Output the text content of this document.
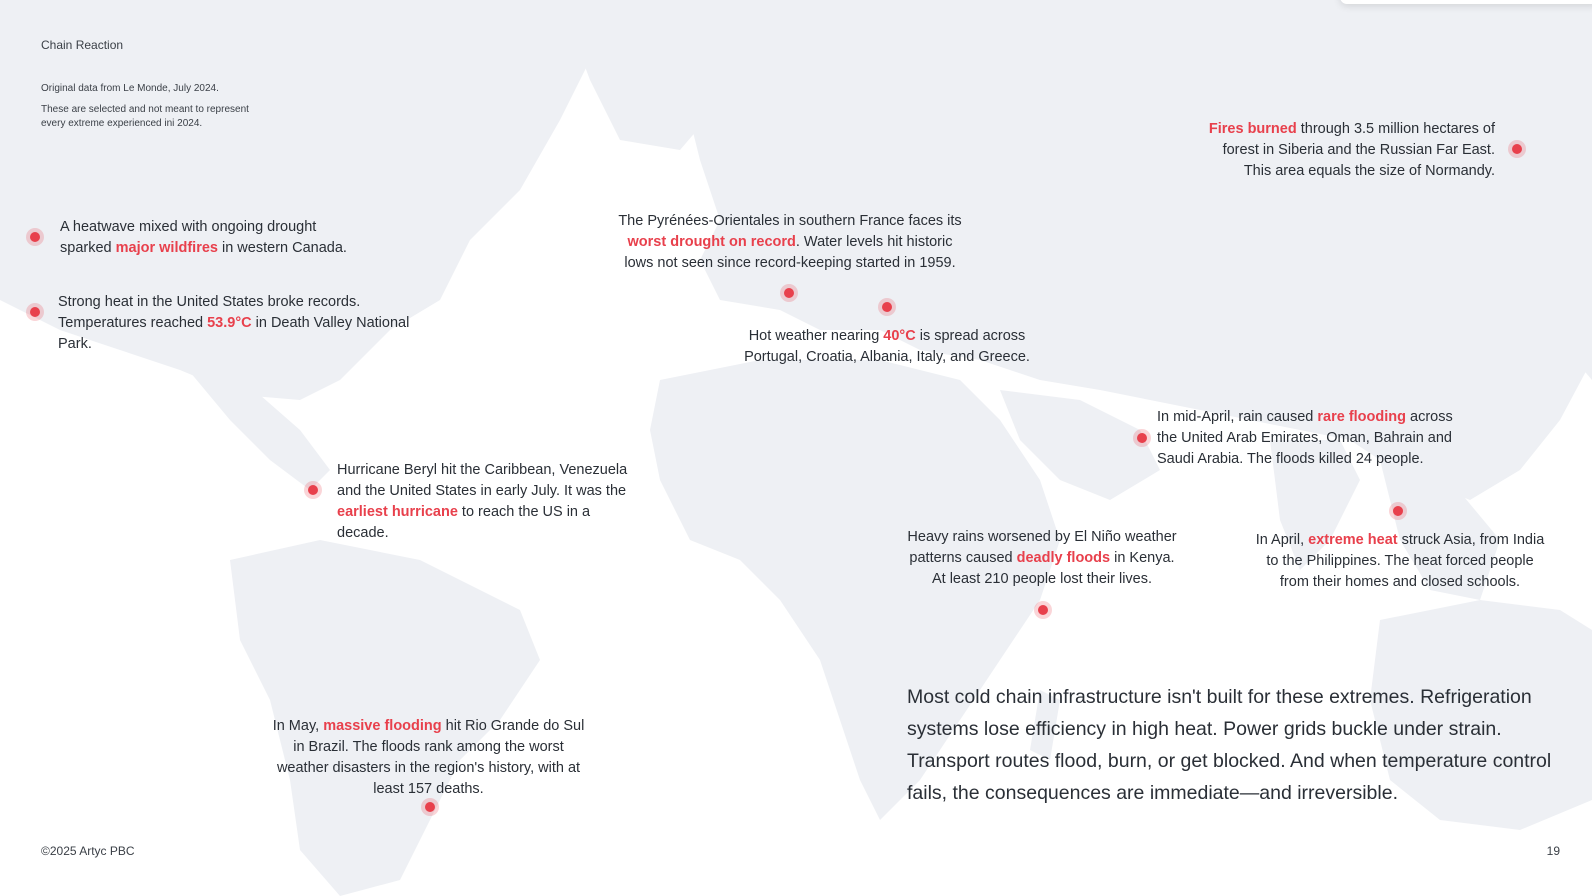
Chain Reaction
Original data from Le Monde, July 2024.
These are selected and not meant to represent every extreme experienced ini 2024.
A heatwave mixed with ongoing drought sparked major wildfires in western Canada.
Strong heat in the United States broke records. Temperatures reached 53.9°C in Death Valley National Park.
Hurricane Beryl hit the Caribbean, Venezuela and the United States in early July. It was the earliest hurricane to reach the US in a decade.
In May, massive flooding hit Rio Grande do Sul in Brazil. The floods rank among the worst weather disasters in the region's history, with at least 157 deaths.
The Pyrénées-Orientales in southern France faces its worst drought on record. Water levels hit historic lows not seen since record-keeping started in 1959.
Hot weather nearing 40°C is spread across Portugal, Croatia, Albania, Italy, and Greece.
Fires burned through 3.5 million hectares of forest in Siberia and the Russian Far East. This area equals the size of Normandy.
In mid-April, rain caused rare flooding across the United Arab Emirates, Oman, Bahrain and Saudi Arabia. The floods killed 24 people.
Heavy rains worsened by El Niño weather patterns caused deadly floods in Kenya. At least 210 people lost their lives.
In April, extreme heat struck Asia, from India to the Philippines. The heat forced people from their homes and closed schools.
Most cold chain infrastructure isn't built for these extremes. Refrigeration systems lose efficiency in high heat. Power grids buckle under strain. Transport routes flood, burn, or get blocked. And when temperature control fails, the consequences are immediate—and irreversible.
©2025 Artyc PBC	19
